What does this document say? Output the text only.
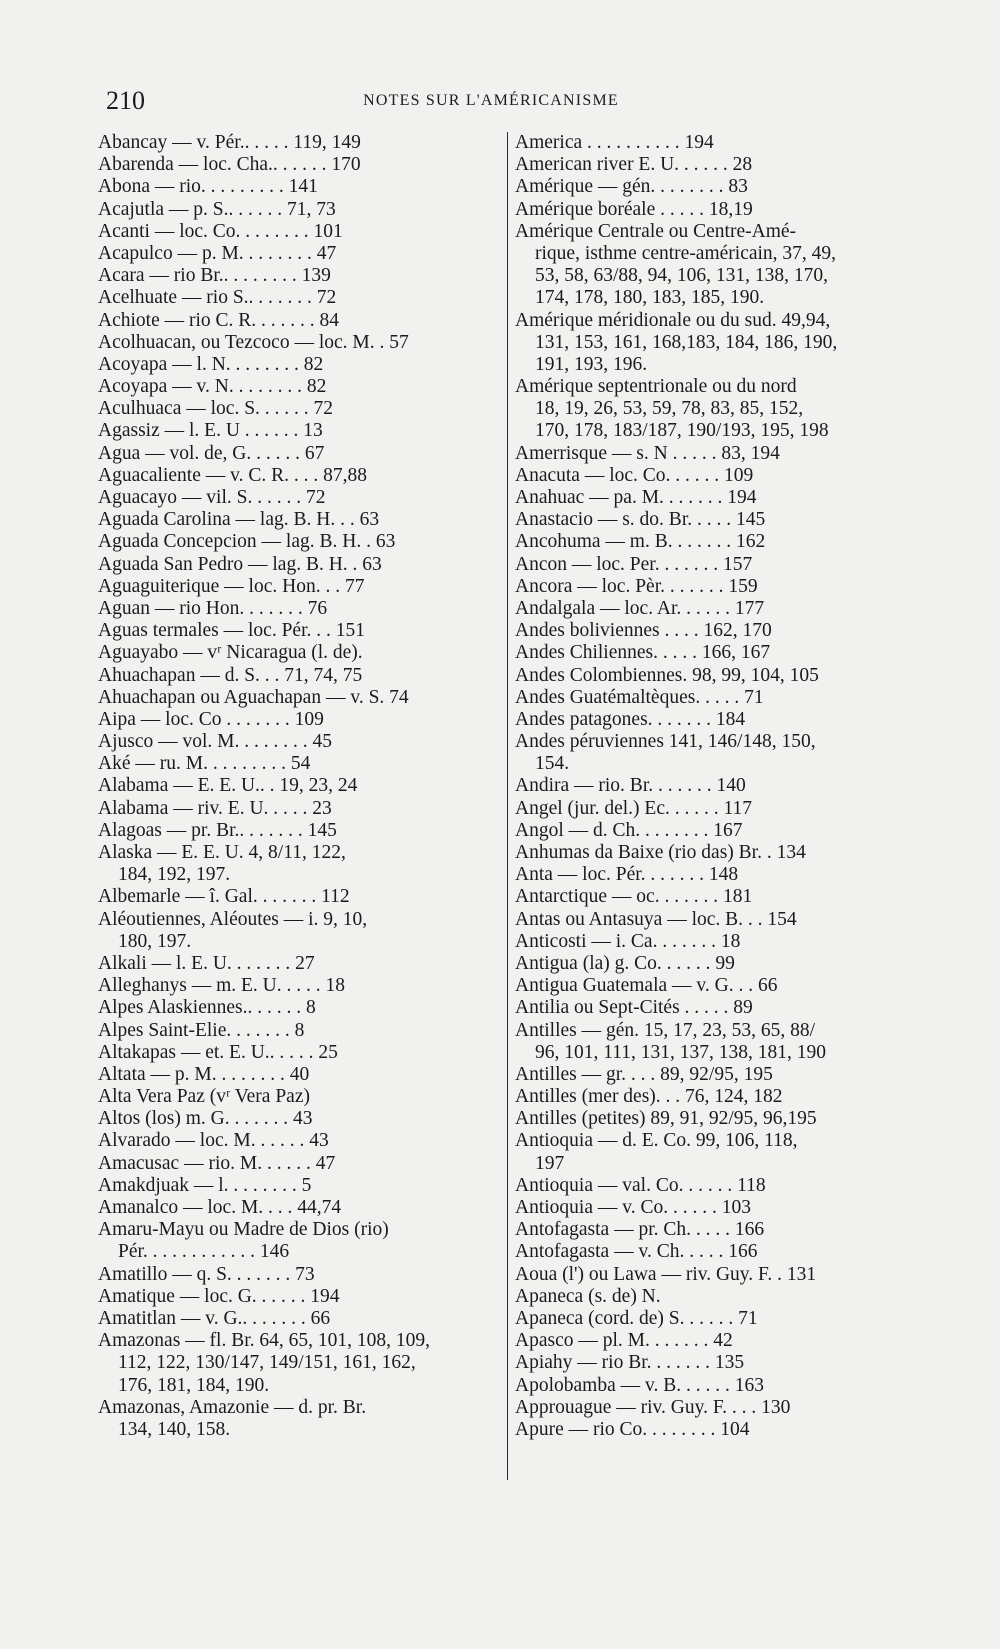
210	NOTES SUR L'AMÉRICANISME
Abancay — v. Pér.. . . . . 119, 149
Abarenda — loc. Cha.. . . . . . 170
Abona — rio. . . . . . . . . 141
Acajutla — p. S.. . . . . . 71, 73
Acanti — loc. Co. . . . . . . . 101
Acapulco — p. M. . . . . . . . 47
Acara — rio Br.. . . . . . . . 139
Acelhuate — rio S.. . . . . . . 72
Achiote — rio C. R. . . . . . . 84
Acolhuacan, ou Tezcoco — loc. M. . 57
Acoyapa — l. N. . . . . . . . 82
Acoyapa — v. N. . . . . . . . 82
Aculhuaca — loc. S. . . . . . 72
Agassiz — l. E. U . . . . . . 13
Agua — vol. de, G. . . . . . 67
Aguacaliente — v. C. R. . . . 87,88
Aguacayo — vil. S. . . . . . 72
Aguada Carolina — lag. B. H. . . 63
Aguada Concepcion — lag. B. H. . 63
Aguada San Pedro — lag. B. H. . 63
Aguaguiterique — loc. Hon. . . 77
Aguan — rio Hon. . . . . . . 76
Aguas termales — loc. Pér. . . 151
Aguayabo — vʳ Nicaragua (l. de).
Ahuachapan — d. S. . . 71, 74, 75
Ahuachapan ou Aguachapan — v. S. 74
Aipa — loc. Co . . . . . . . 109
Ajusco — vol. M. . . . . . . . 45
Aké — ru. M. . . . . . . . . 54
Alabama — E. E. U.. . 19, 23, 24
Alabama — riv. E. U. . . . . 23
Alagoas — pr. Br.. . . . . . . 145
Alaska — E. E. U. 4, 8/11, 122,
184, 192, 197.
Albemarle — î. Gal. . . . . . . 112
Aléoutiennes, Aléoutes — i. 9, 10,
180, 197.
Alkali — l. E. U. . . . . . . 27
Alleghanys — m. E. U. . . . . 18
Alpes Alaskiennes.. . . . . . 8
Alpes Saint-Elie. . . . . . . 8
Altakapas — et. E. U.. . . . . 25
Altata — p. M. . . . . . . . 40
Alta Vera Paz (vʳ Vera Paz)
Altos (los) m. G. . . . . . . 43
Alvarado — loc. M. . . . . . 43
Amacusac — rio. M. . . . . . 47
Amakdjuak — l. . . . . . . . 5
Amanalco — loc. M. . . . 44,74
Amaru-Mayu ou Madre de Dios (rio)
Pér. . . . . . . . . . . . 146
Amatillo — q. S. . . . . . . 73
Amatique — loc. G. . . . . . 194
Amatitlan — v. G.. . . . . . . 66
Amazonas — fl. Br. 64, 65, 101, 108, 109,
112, 122, 130/147, 149/151, 161, 162,
176, 181, 184, 190.
Amazonas, Amazonie — d. pr. Br.
134, 140, 158.
America . . . . . . . . . . 194
American river E. U. . . . . . 28
Amérique — gén. . . . . . . . 83
Amérique boréale . . . . . 18,19
Amérique Centrale ou Centre-Amé-
rique, isthme centre-américain, 37, 49,
53, 58, 63/88, 94, 106, 131, 138, 170,
174, 178, 180, 183, 185, 190.
Amérique méridionale ou du sud. 49,94,
131, 153, 161, 168,183, 184, 186, 190,
191, 193, 196.
Amérique septentrionale ou du nord
18, 19, 26, 53, 59, 78, 83, 85, 152,
170, 178, 183/187, 190/193, 195, 198
Amerrisque — s. N . . . . . 83, 194
Anacuta — loc. Co. . . . . . 109
Anahuac — pa. M. . . . . . . 194
Anastacio — s. do. Br. . . . . 145
Ancohuma — m. B. . . . . . . 162
Ancon — loc. Per. . . . . . . 157
Ancora — loc. Pèr. . . . . . . 159
Andalgala — loc. Ar. . . . . . 177
Andes boliviennes . . . . 162, 170
Andes Chiliennes. . . . . 166, 167
Andes Colombiennes. 98, 99, 104, 105
Andes Guatémaltèques. . . . . 71
Andes patagones. . . . . . . 184
Andes péruviennes 141, 146/148, 150,
154.
Andira — rio. Br. . . . . . . 140
Angel (jur. del.) Ec. . . . . . 117
Angol — d. Ch. . . . . . . . 167
Anhumas da Baixe (rio das) Br. . 134
Anta — loc. Pér. . . . . . . 148
Antarctique — oc. . . . . . . 181
Antas ou Antasuya — loc. B. . . 154
Anticosti — i. Ca. . . . . . . 18
Antigua (la) g. Co. . . . . . 99
Antigua Guatemala — v. G. . . 66
Antilia ou Sept-Cités . . . . . 89
Antilles — gén. 15, 17, 23, 53, 65, 88/
96, 101, 111, 131, 137, 138, 181, 190
Antilles — gr. . . . 89, 92/95, 195
Antilles (mer des). . . 76, 124, 182
Antilles (petites) 89, 91, 92/95, 96,195
Antioquia — d. E. Co. 99, 106, 118,
197
Antioquia — val. Co. . . . . . 118
Antioquia — v. Co. . . . . . 103
Antofagasta — pr. Ch. . . . . 166
Antofagasta — v. Ch. . . . . 166
Aoua (l') ou Lawa — riv. Guy. F. . 131
Apaneca (s. de) N.
Apaneca (cord. de) S. . . . . . 71
Apasco — pl. M. . . . . . . 42
Apiahy — rio Br. . . . . . . 135
Apolobamba — v. B. . . . . . 163
Approuague — riv. Guy. F. . . . 130
Apure — rio Co. . . . . . . . 104
